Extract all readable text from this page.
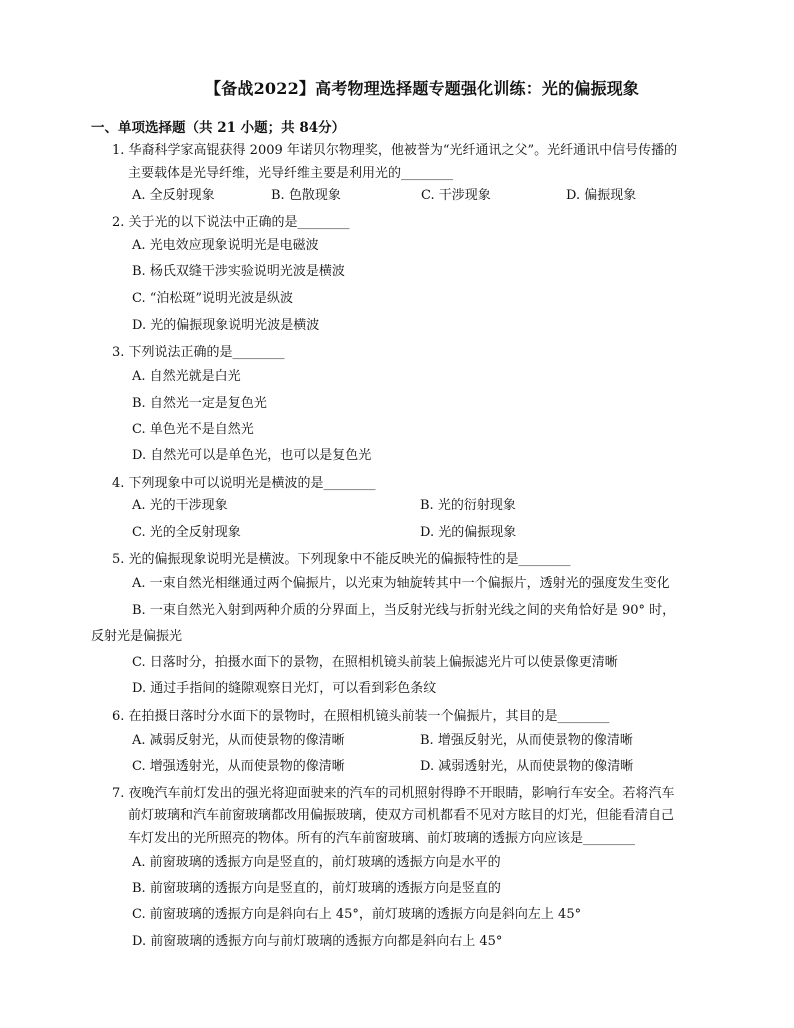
【备战2022】高考物理选择题专题强化训练：光的偏振现象
一、单项选择题（共 21 小题；共 84分）
1. 华裔科学家高锟获得 2009 年诺贝尔物理奖，他被誉为“光纤通讯之父”。光纤通讯中信号传播的
主要载体是光导纤维，光导纤维主要是利用光的________
A. 全反射现象	B. 色散现象	C. 干涉现象	D. 偏振现象
2. 关于光的以下说法中正确的是________
A. 光电效应现象说明光是电磁波
B. 杨氏双缝干涉实验说明光波是横波
C. “泊松斑”说明光波是纵波
D. 光的偏振现象说明光波是横波
3. 下列说法正确的是________
A. 自然光就是白光
B. 自然光一定是复色光
C. 单色光不是自然光
D. 自然光可以是单色光，也可以是复色光
4. 下列现象中可以说明光是横波的是________
A. 光的干涉现象	B. 光的衍射现象
C. 光的全反射现象	D. 光的偏振现象
5. 光的偏振现象说明光是横波。下列现象中不能反映光的偏振特性的是________
A. 一束自然光相继通过两个偏振片，以光束为轴旋转其中一个偏振片，透射光的强度发生变化
B. 一束自然光入射到两种介质的分界面上，当反射光线与折射光线之间的夹角恰好是 90° 时，
反射光是偏振光
C. 日落时分，拍摄水面下的景物，在照相机镜头前装上偏振滤光片可以使景像更清晰
D. 通过手指间的缝隙观察日光灯，可以看到彩色条纹
6. 在拍摄日落时分水面下的景物时，在照相机镜头前装一个偏振片，其目的是________
A. 减弱反射光，从而使景物的像清晰	B. 增强反射光，从而使景物的像清晰
C. 增强透射光，从而使景物的像清晰	D. 减弱透射光，从而使景物的像清晰
7. 夜晚汽车前灯发出的强光将迎面驶来的汽车的司机照射得睁不开眼睛，影响行车安全。若将汽车
前灯玻璃和汽车前窗玻璃都改用偏振玻璃，使双方司机都看不见对方眩目的灯光，但能看清自己
车灯发出的光所照亮的物体。所有的汽车前窗玻璃、前灯玻璃的透振方向应该是________
A. 前窗玻璃的透振方向是竖直的，前灯玻璃的透振方向是水平的
B. 前窗玻璃的透振方向是竖直的，前灯玻璃的透振方向是竖直的
C. 前窗玻璃的透振方向是斜向右上 45°，前灯玻璃的透振方向是斜向左上 45°
D. 前窗玻璃的透振方向与前灯玻璃的透振方向都是斜向右上 45°
